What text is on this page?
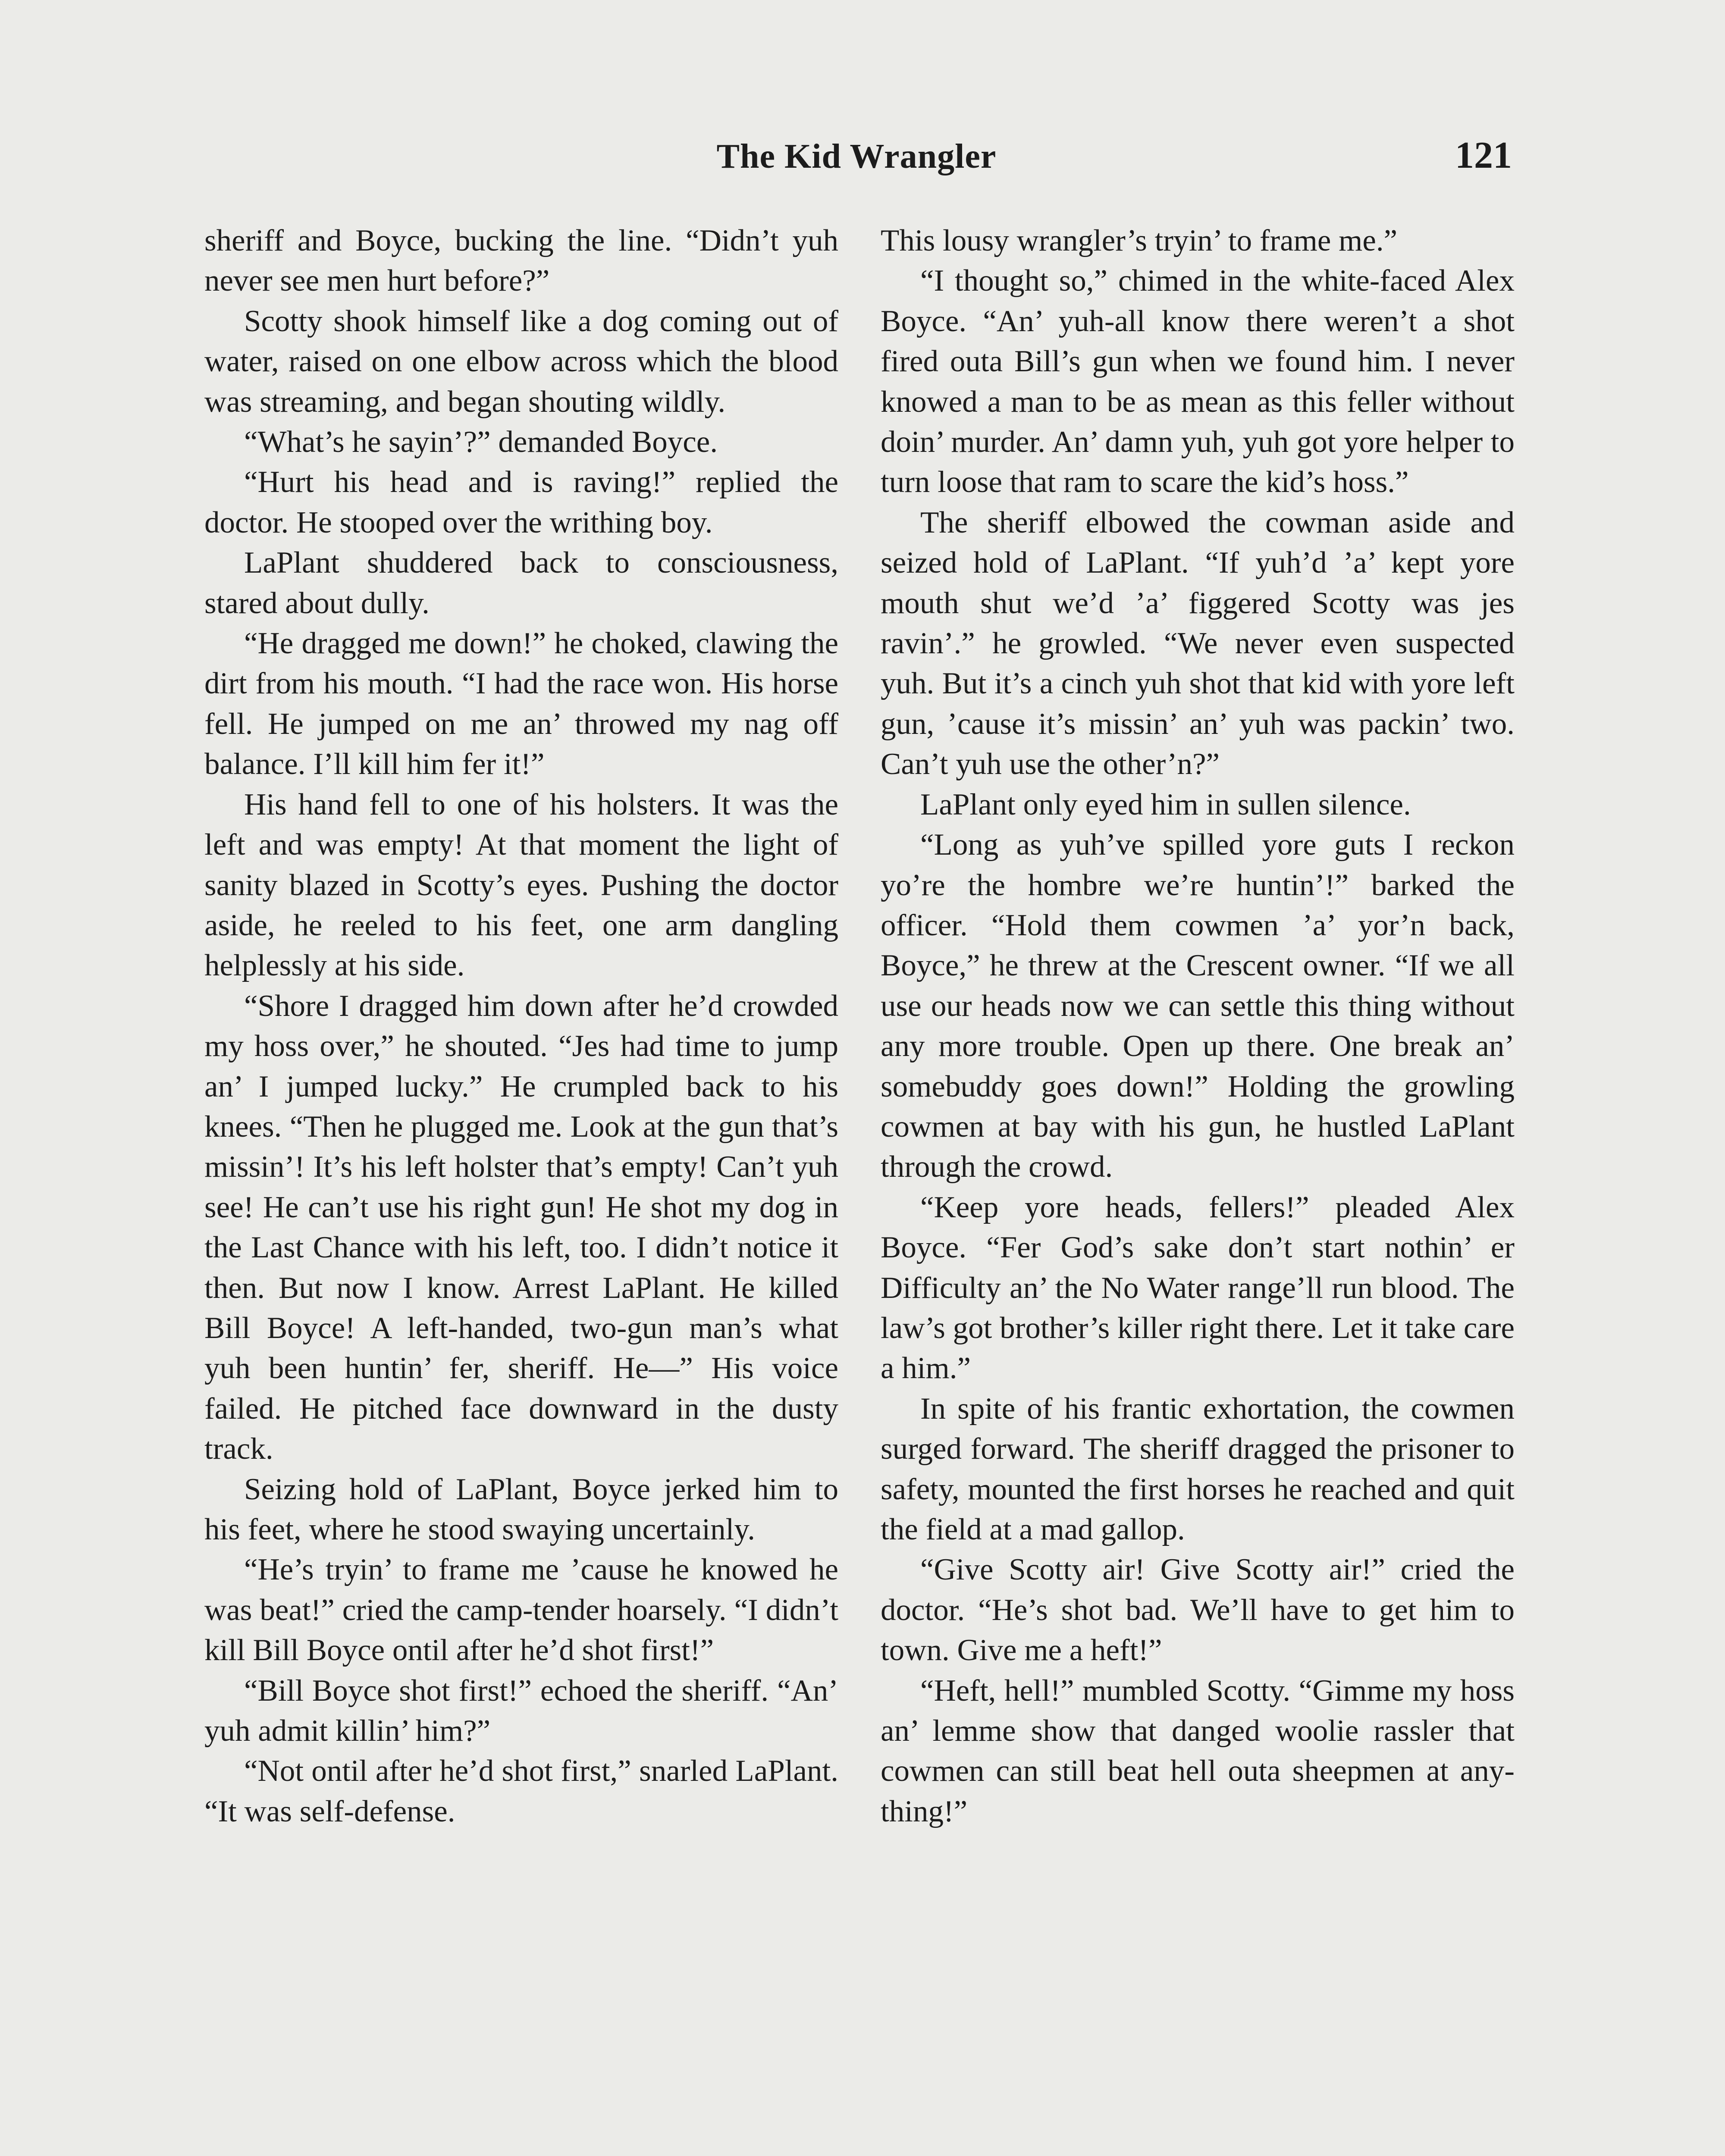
The Kid Wrangler	121

sheriff and Boyce, bucking the line. “Didn’t yuh never see men hurt before?”

Scotty shook himself like a dog coming out of water, raised on one elbow across which the blood was streaming, and began shouting wildly.

“What’s he sayin’?” demanded Boyce.

“Hurt his head and is raving!” replied the doctor. He stooped over the writhing boy.

LaPlant shuddered back to consciousness, stared about dully.

“He dragged me down!” he choked, clawing the dirt from his mouth. “I had the race won. His horse fell. He jumped on me an’ throwed my nag off balance. I’ll kill him fer it!”

His hand fell to one of his holsters. It was the left and was empty! At that moment the light of sanity blazed in Scotty’s eyes. Pushing the doctor aside, he reeled to his feet, one arm dangling helplessly at his side.

“Shore I dragged him down after he’d crowded my hoss over,” he shouted. “Jes had time to jump an’ I jumped lucky.” He crumpled back to his knees. “Then he plugged me. Look at the gun that’s missin’! It’s his left holster that’s empty! Can’t yuh see! He can’t use his right gun! He shot my dog in the Last Chance with his left, too. I didn’t notice it then. But now I know. Arrest LaPlant. He killed Bill Boyce! A left-handed, two-gun man’s what yuh been huntin’ fer, sheriff. He—” His voice failed. He pitched face downward in the dusty track.

Seizing hold of LaPlant, Boyce jerked him to his feet, where he stood swaying uncertainly.

“He’s tryin’ to frame me ’cause he knowed he was beat!” cried the camp-tender hoarsely. “I didn’t kill Bill Boyce ontil after he’d shot first!”

“Bill Boyce shot first!” echoed the sheriff. “An’ yuh admit killin’ him?”

“Not ontil after he’d shot first,” snarled LaPlant. “It was self-defense.

This lousy wrangler’s tryin’ to frame me.”

“I thought so,” chimed in the white-faced Alex Boyce. “An’ yuh-all know there weren’t a shot fired outa Bill’s gun when we found him. I never knowed a man to be as mean as this feller without doin’ murder. An’ damn yuh, yuh got yore helper to turn loose that ram to scare the kid’s hoss.”

The sheriff elbowed the cowman aside and seized hold of LaPlant. “If yuh’d ’a’ kept yore mouth shut we’d ’a’ figgered Scotty was jes ravin’.” he growled. “We never even suspected yuh. But it’s a cinch yuh shot that kid with yore left gun, ’cause it’s missin’ an’ yuh was packin’ two. Can’t yuh use the other’n?”

LaPlant only eyed him in sullen silence.

“Long as yuh’ve spilled yore guts I reckon yo’re the hombre we’re huntin’!” barked the officer. “Hold them cowmen ’a’ yor’n back, Boyce,” he threw at the Crescent owner. “If we all use our heads now we can settle this thing without any more trouble. Open up there. One break an’ somebuddy goes down!” Holding the growling cowmen at bay with his gun, he hustled LaPlant through the crowd.

“Keep yore heads, fellers!” pleaded Alex Boyce. “Fer God’s sake don’t start nothin’ er Difficulty an’ the No Water range’ll run blood. The law’s got brother’s killer right there. Let it take care a him.”

In spite of his frantic exhortation, the cowmen surged forward. The sheriff dragged the prisoner to safety, mounted the first horses he reached and quit the field at a mad gallop.

“Give Scotty air! Give Scotty air!” cried the doctor. “He’s shot bad. We’ll have to get him to town. Give me a heft!”

“Heft, hell!” mumbled Scotty. “Gimme my hoss an’ lemme show that danged woolie rassler that cowmen can still beat hell outa sheepmen at anything!”
